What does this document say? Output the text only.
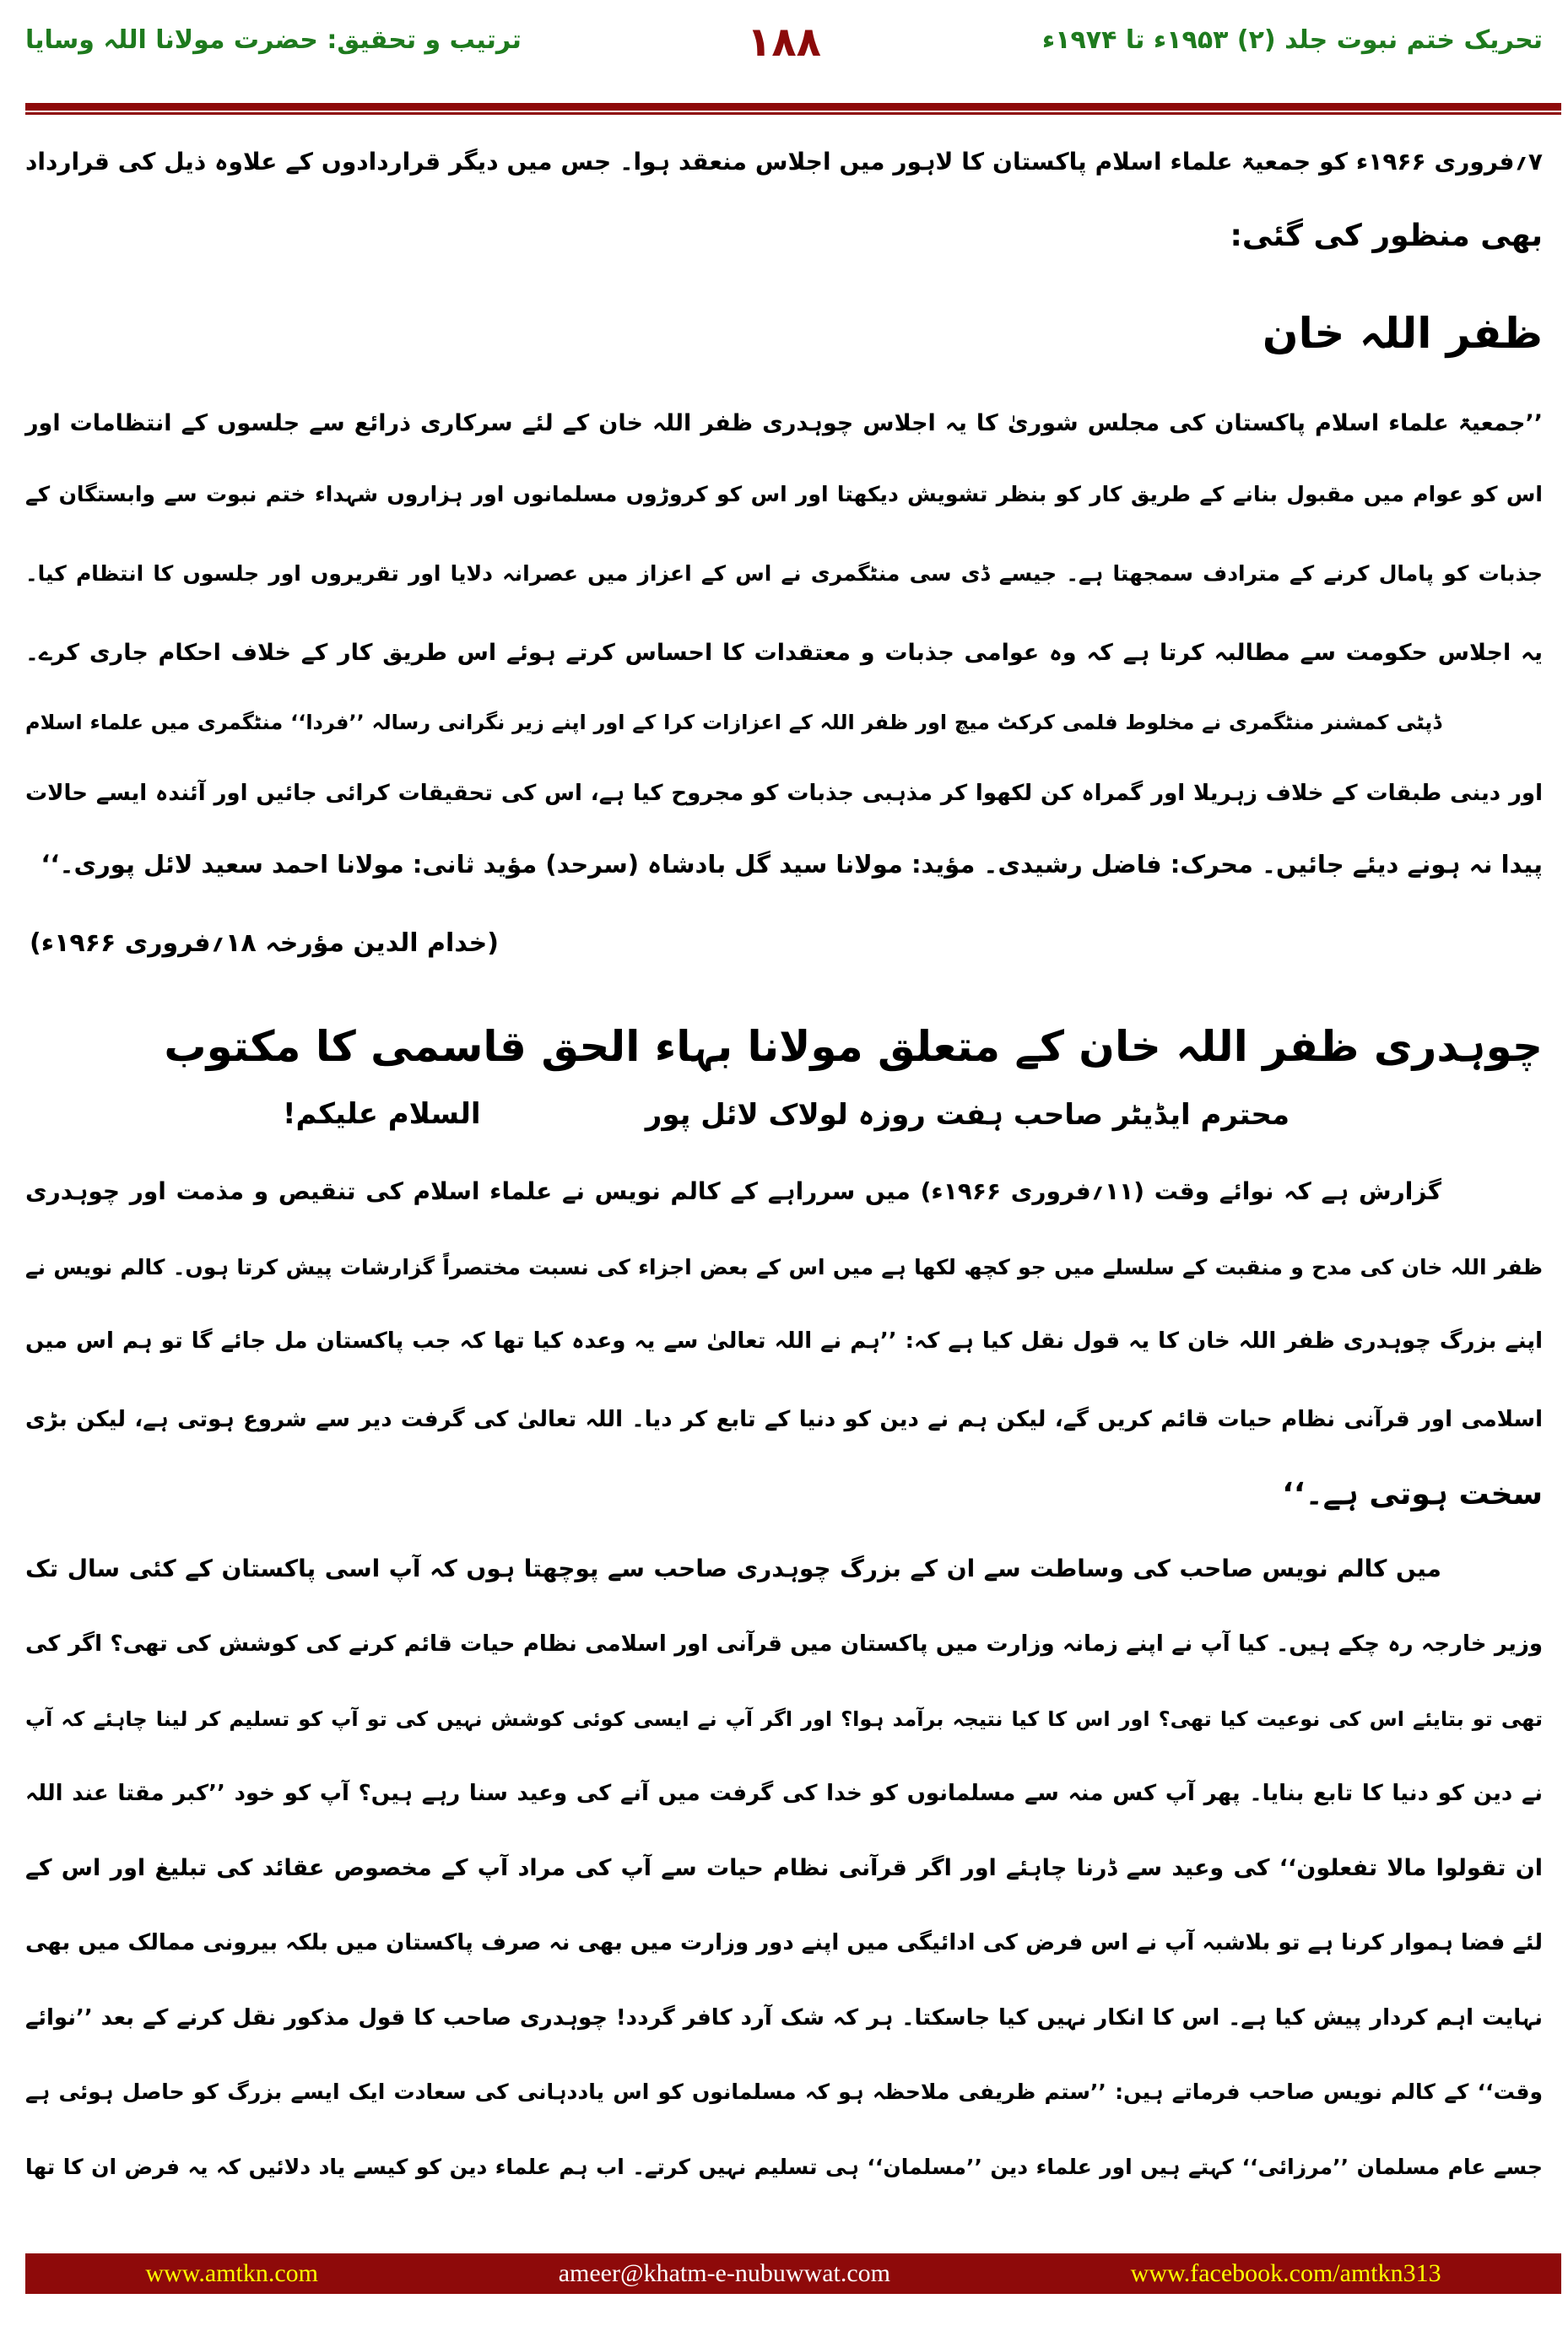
تحریک ختم نبوت جلد (۲) ۱۹۵۳ء تا ۱۹۷۴ء
۱۸۸
ترتیب و تحقیق: حضرت مولانا اللہ وسایا
۷؍فروری ۱۹۶۶ء کو جمعیۃ علماء اسلام پاکستان کا لاہور میں اجلاس منعقد ہوا۔ جس میں دیگر قراردادوں کے علاوہ ذیل کی قرارداد
بھی منظور کی گئی:
ظفر اللہ خان
’’جمعیۃ علماء اسلام پاکستان کی مجلس شوریٰ کا یہ اجلاس چوہدری ظفر اللہ خان کے لئے سرکاری ذرائع سے جلسوں کے انتظامات اور
اس کو عوام میں مقبول بنانے کے طریق کار کو بنظر تشویش دیکھتا اور اس کو کروڑوں مسلمانوں اور ہزاروں شہداء ختم نبوت سے وابستگان کے
جذبات کو پامال کرنے کے مترادف سمجھتا ہے۔ جیسے ڈی سی منٹگمری نے اس کے اعزاز میں عصرانہ دلایا اور تقریروں اور جلسوں کا انتظام کیا۔
یہ اجلاس حکومت سے مطالبہ کرتا ہے کہ وہ عوامی جذبات و معتقدات کا احساس کرتے ہوئے اس طریق کار کے خلاف احکام جاری کرے۔
ڈپٹی کمشنر منٹگمری نے مخلوط فلمی کرکٹ میچ اور ظفر اللہ کے اعزازات کرا کے اور اپنے زیر نگرانی رسالہ ’’فردا‘‘ منٹگمری میں علماء اسلام
اور دینی طبقات کے خلاف زہریلا اور گمراہ کن لکھوا کر مذہبی جذبات کو مجروح کیا ہے، اس کی تحقیقات کرائی جائیں اور آئندہ ایسے حالات
پیدا نہ ہونے دیئے جائیں۔ محرک: فاضل رشیدی۔ مؤید: مولانا سید گل بادشاہ (سرحد) مؤید ثانی: مولانا احمد سعید لائل پوری۔‘‘
(خدام الدین مؤرخہ ۱۸؍فروری ۱۹۶۶ء)
چوہدری ظفر اللہ خان کے متعلق مولانا بہاء الحق قاسمی کا مکتوب
محترم ایڈیٹر صاحب ہفت روزہ لولاک لائل پور
السلام علیکم!
گزارش ہے کہ نوائے وقت (۱۱؍فروری ۱۹۶۶ء) میں سرراہے کے کالم نویس نے علماء اسلام کی تنقیص و مذمت اور چوہدری
ظفر اللہ خان کی مدح و منقبت کے سلسلے میں جو کچھ لکھا ہے میں اس کے بعض اجزاء کی نسبت مختصراً گزارشات پیش کرتا ہوں۔ کالم نویس نے
اپنے بزرگ چوہدری ظفر اللہ خان کا یہ قول نقل کیا ہے کہ: ’’ہم نے اللہ تعالیٰ سے یہ وعدہ کیا تھا کہ جب پاکستان مل جائے گا تو ہم اس میں
اسلامی اور قرآنی نظام حیات قائم کریں گے، لیکن ہم نے دین کو دنیا کے تابع کر دیا۔ اللہ تعالیٰ کی گرفت دیر سے شروع ہوتی ہے، لیکن بڑی
سخت ہوتی ہے۔‘‘
میں کالم نویس صاحب کی وساطت سے ان کے بزرگ چوہدری صاحب سے پوچھتا ہوں کہ آپ اسی پاکستان کے کئی سال تک
وزیر خارجہ رہ چکے ہیں۔ کیا آپ نے اپنے زمانہ وزارت میں پاکستان میں قرآنی اور اسلامی نظام حیات قائم کرنے کی کوشش کی تھی؟ اگر کی
تھی تو بتایئے اس کی نوعیت کیا تھی؟ اور اس کا کیا نتیجہ برآمد ہوا؟ اور اگر آپ نے ایسی کوئی کوشش نہیں کی تو آپ کو تسلیم کر لینا چاہئے کہ آپ
نے دین کو دنیا کا تابع بنایا۔ پھر آپ کس منہ سے مسلمانوں کو خدا کی گرفت میں آنے کی وعید سنا رہے ہیں؟ آپ کو خود ’’کبر مقتا عند اللہ
ان تقولوا مالا تفعلون‘‘ کی وعید سے ڈرنا چاہئے اور اگر قرآنی نظام حیات سے آپ کی مراد آپ کے مخصوص عقائد کی تبلیغ اور اس کے
لئے فضا ہموار کرنا ہے تو بلاشبہ آپ نے اس فرض کی ادائیگی میں اپنے دور وزارت میں بھی نہ صرف پاکستان میں بلکہ بیرونی ممالک میں بھی
نہایت اہم کردار پیش کیا ہے۔ اس کا انکار نہیں کیا جاسکتا۔ ہر کہ شک آرد کافر گردد! چوہدری صاحب کا قول مذکور نقل کرنے کے بعد ’’نوائے
وقت‘‘ کے کالم نویس صاحب فرماتے ہیں: ’’ستم ظریفی ملاحظہ ہو کہ مسلمانوں کو اس یاددہانی کی سعادت ایک ایسے بزرگ کو حاصل ہوئی ہے
جسے عام مسلمان ’’مرزائی‘‘ کہتے ہیں اور علماء دین ’’مسلمان‘‘ ہی تسلیم نہیں کرتے۔ اب ہم علماء دین کو کیسے یاد دلائیں کہ یہ فرض ان کا تھا
www.amtkn.com	ameer@khatm-e-nubuwwat.com	www.facebook.com/amtkn313
